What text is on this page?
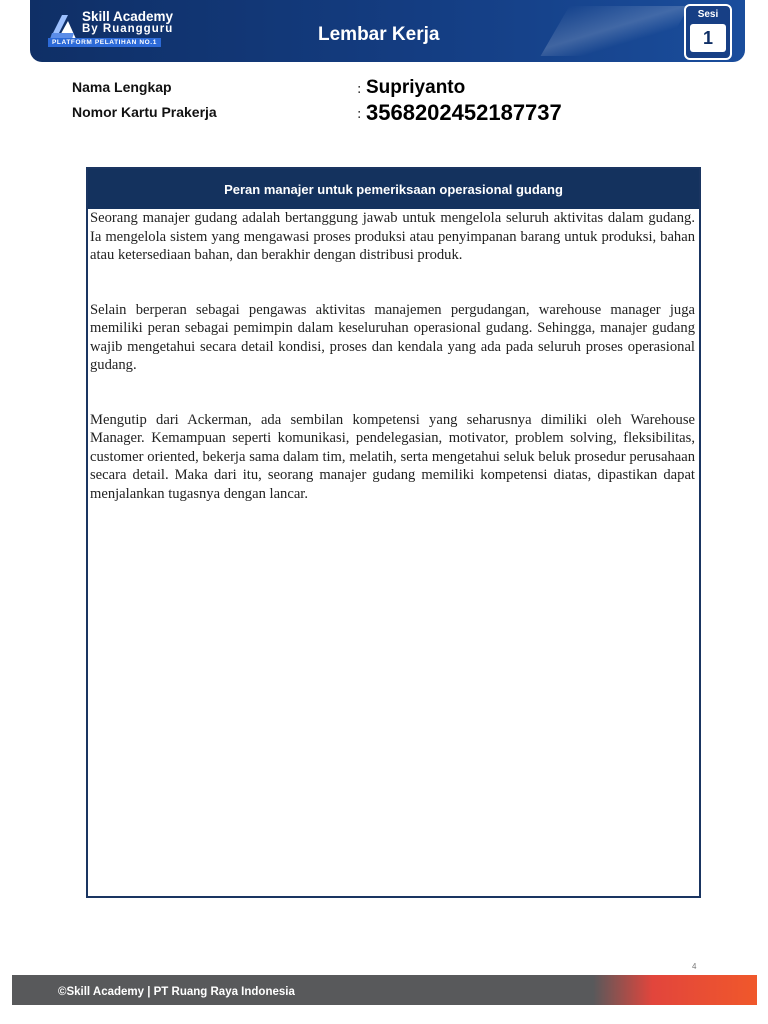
Skill Academy
By Ruangguru
PLATFORM PELATIHAN NO.1	Lembar Kerja
Sesi
1
Nama Lengkap	: Supriyanto
Nomor Kartu Prakerja	: 3568202452187737
Peran manajer untuk pemeriksaan operasional gudang

Seorang manajer gudang adalah bertanggung jawab untuk mengelola seluruh aktivitas dalam gudang. Ia mengelola sistem yang mengawasi proses produksi atau penyimpanan barang untuk produksi, bahan atau ketersediaan bahan, dan berakhir dengan distribusi produk.

Selain berperan sebagai pengawas aktivitas manajemen pergudangan, warehouse manager juga memiliki peran sebagai pemimpin dalam keseluruhan operasional gudang. Sehingga, manajer gudang wajib mengetahui secara detail kondisi, proses dan kendala yang ada pada seluruh proses operasional gudang.

Mengutip dari Ackerman, ada sembilan kompetensi yang seharusnya dimiliki oleh Warehouse Manager. Kemampuan seperti komunikasi, pendelegasian, motivator, problem solving, fleksibilitas, customer oriented, bekerja sama dalam tim, melatih, serta mengetahui seluk beluk prosedur perusahaan secara detail. Maka dari itu, seorang manajer gudang memiliki kompetensi diatas, dipastikan dapat menjalankan tugasnya dengan lancar.

4
©Skill Academy | PT Ruang Raya Indonesia
